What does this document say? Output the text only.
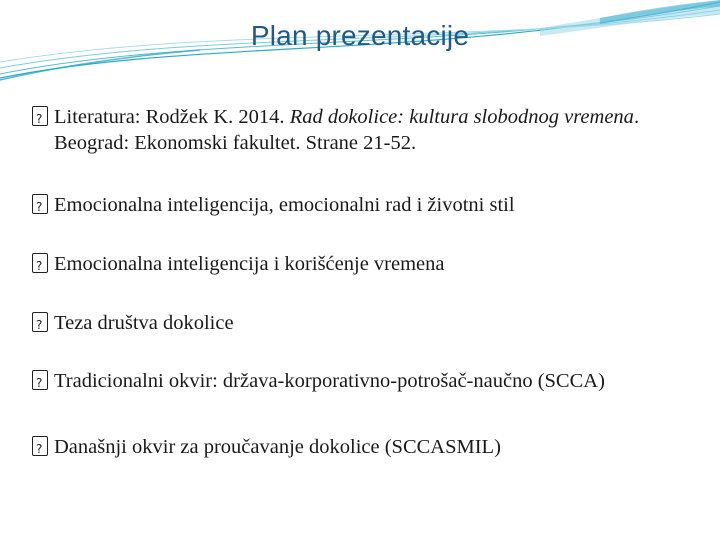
Plan prezentacije
?
Literatura: Rodžek K. 2014. Rad dokolice: kultura slobodnog vremena. Beograd: Ekonomski fakultet. Strane 21-52.
?
Emocionalna inteligencija, emocionalni rad i životni stil
?
Emocionalna inteligencija i korišćenje vremena
?
Teza društva dokolice
?
Tradicionalni okvir: država-korporativno-potrošač-naučno (SCCA)
?
Današnji okvir za proučavanje dokolice (SCCASMIL)
